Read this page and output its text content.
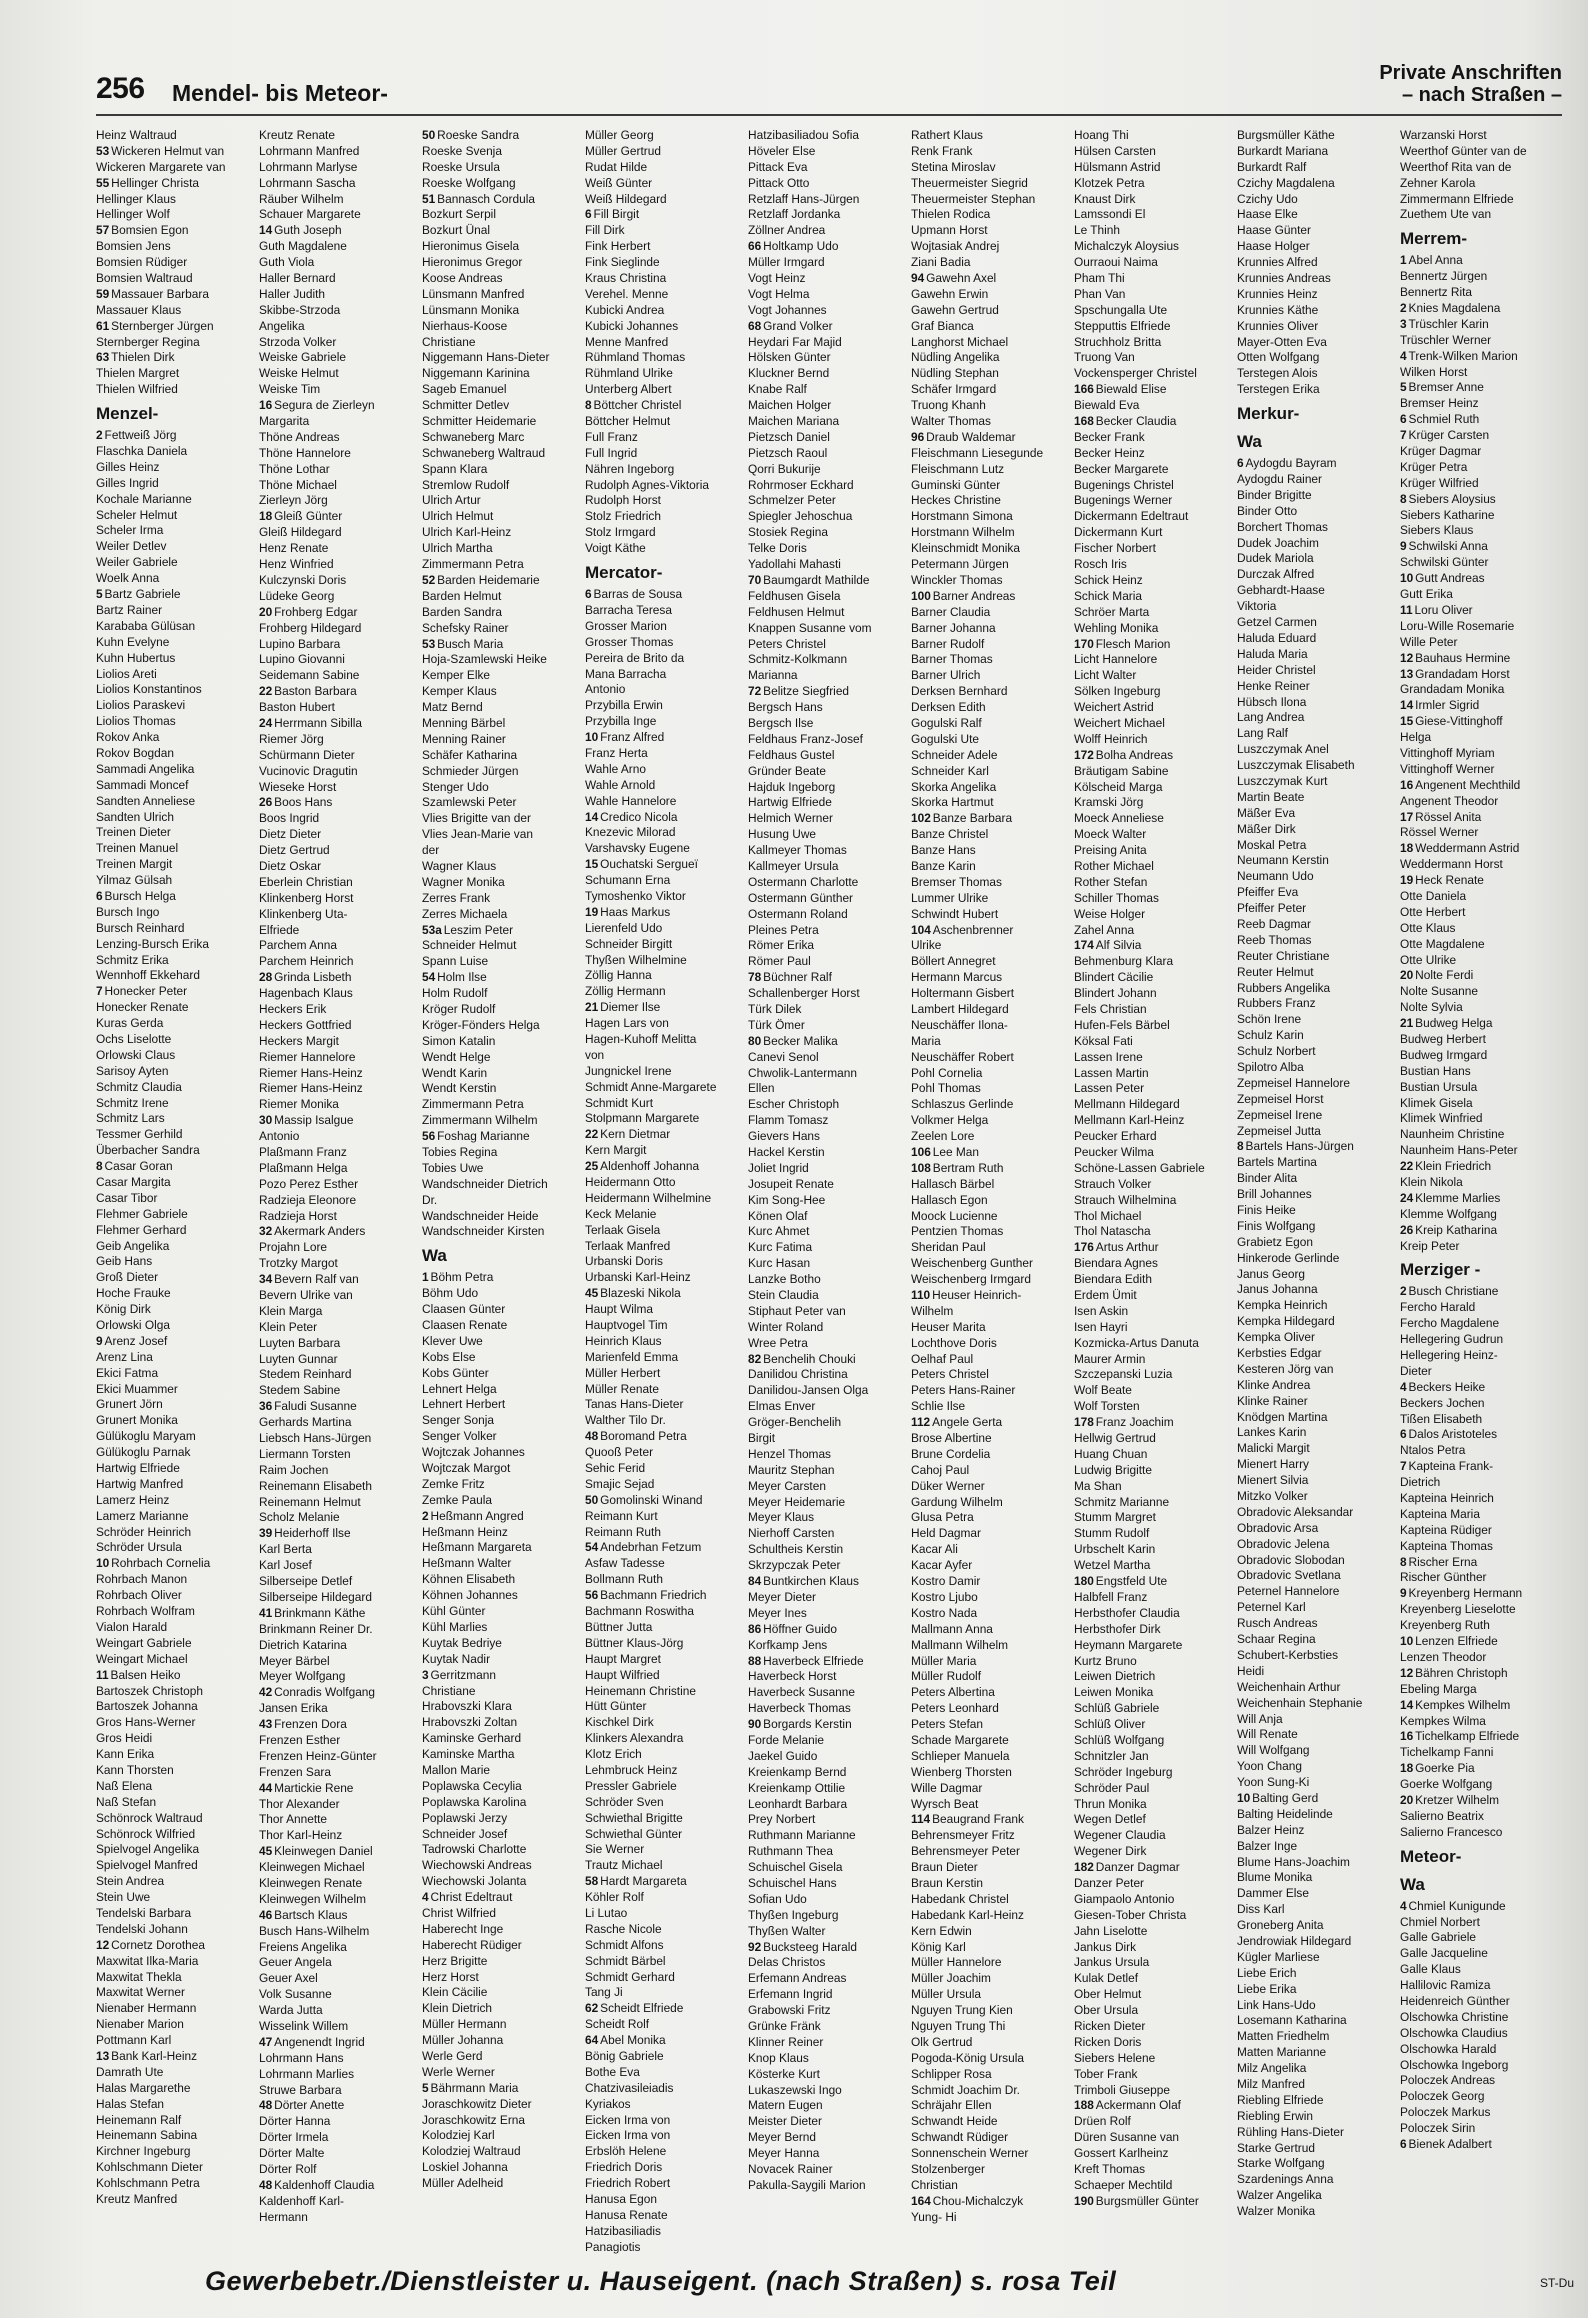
256 Mendel- bis Meteor-
Private Anschriften
– nach Straßen –
Heinz Waltraud
53 Wickeren Helmut van
Wickeren Margarete van
55 Hellinger Christa
Hellinger Klaus
Hellinger Wolf
57 Bomsien Egon
Bomsien Jens
Bomsien Rüdiger
Bomsien Waltraud
59 Massauer Barbara
Massauer Klaus
61 Sternberger Jürgen
Sternberger Regina
63 Thielen Dirk
Thielen Margret
Thielen Wilfried
Menzel-
2 Fettweiß Jörg
Flaschka Daniela
Gilles Heinz
Gilles Ingrid
Kochale Marianne
Scheler Helmut
Scheler Irma
Weiler Detlev
Weiler Gabriele
Woelk Anna
5 Bartz Gabriele
Bartz Rainer
Karababa Gülüsan
Kuhn Evelyne
Kuhn Hubertus
Liolios Areti
Liolios Konstantinos
Liolios Paraskevi
Liolios Thomas
Rokov Anka
Rokov Bogdan
Sammadi Angelika
Sammadi Moncef
Sandten Anneliese
Sandten Ulrich
Treinen Dieter
Treinen Manuel
Treinen Margit
Yilmaz Gülsah
6 Bursch Helga
Bursch Ingo
Bursch Reinhard
Lenzing-Bursch Erika
Schmitz Erika
Wennhoff Ekkehard
7 Honecker Peter
Honecker Renate
Kuras Gerda
Ochs Liselotte
Orlowski Claus
Sarisoy Ayten
Schmitz Claudia
Schmitz Irene
Schmitz Lars
Tessmer Gerhild
Überbacher Sandra
8 Casar Goran
Casar Margita
Casar Tibor
Flehmer Gabriele
Flehmer Gerhard
Geib Angelika
Geib Hans
Groß Dieter
Hoche Frauke
König Dirk
Orlowski Olga
9 Arenz Josef
Arenz Lina
Ekici Fatma
Ekici Muammer
Grunert Jörn
Grunert Monika
Gülükoglu Maryam
Gülükoglu Parnak
Hartwig Elfriede
Hartwig Manfred
Lamerz Heinz
Lamerz Marianne
Schröder Heinrich
Schröder Ursula
10 Rohrbach Cornelia
Rohrbach Manon
Rohrbach Oliver
Rohrbach Wolfram
Vialon Harald
Weingart Gabriele
Weingart Michael
11 Balsen Heiko
Bartoszek Christoph
Bartoszek Johanna
Gros Hans-Werner
Gros Heidi
Kann Erika
Kann Thorsten
Naß Elena
Naß Stefan
Schönrock Waltraud
Schönrock Wilfried
Spielvogel Angelika
Spielvogel Manfred
Stein Andrea
Stein Uwe
Tendelski Barbara
Tendelski Johann
12 Cornetz Dorothea
Maxwitat Ilka-Maria
Maxwitat Thekla
Maxwitat Werner
Nienaber Hermann
Nienaber Marion
Pottmann Karl
13 Bank Karl-Heinz
Damrath Ute
Halas Margarethe
Halas Stefan
Heinemann Ralf
Heinemann Sabina
Kirchner Ingeburg
Kohlschmann Dieter
Kohlschmann Petra
Kreutz Manfred
Kreutz Renate
Lohrmann Manfred
Lohrmann Marlyse
Lohrmann Sascha
Räuber Wilhelm
Schauer Margarete
14 Guth Joseph
Guth Magdalene
Guth Viola
Haller Bernard
Haller Judith
Skibbe-Strzoda
Angelika
Strzoda Volker
Weiske Gabriele
Weiske Helmut
Weiske Tim
16 Segura de Zierleyn
Margarita
Thöne Andreas
Thöne Hannelore
Thöne Lothar
Thöne Michael
Zierleyn Jörg
18 Gleiß Günter
Gleiß Hildegard
Henz Renate
Henz Winfried
Kulczynski Doris
Lüdeke Georg
20 Frohberg Edgar
Frohberg Hildegard
Lupino Barbara
Lupino Giovanni
Seidemann Sabine
22 Baston Barbara
Baston Hubert
24 Herrmann Sibilla
Riemer Jörg
Schürmann Dieter
Vucinovic Dragutin
Wieseke Horst
26 Boos Hans
Boos Ingrid
Dietz Dieter
Dietz Gertrud
Dietz Oskar
Eberlein Christian
Klinkenberg Horst
Klinkenberg Uta-
Elfriede
Parchem Anna
Parchem Heinrich
28 Grinda Lisbeth
Hagenbach Klaus
Heckers Erik
Heckers Gottfried
Heckers Margit
Riemer Hannelore
Riemer Hans-Heinz
Riemer Hans-Heinz
Riemer Monika
30 Massip Isalgue
Antonio
Plaßmann Franz
Plaßmann Helga
Pozo Perez Esther
Radzieja Eleonore
Radzieja Horst
32 Akermark Anders
Projahn Lore
Trotzky Margot
34 Bevern Ralf van
Bevern Ulrike van
Klein Marga
Klein Peter
Luyten Barbara
Luyten Gunnar
Stedem Reinhard
Stedem Sabine
36 Faludi Susanne
Gerhards Martina
Liebsch Hans-Jürgen
Liermann Torsten
Raim Jochen
Reinemann Elisabeth
Reinemann Helmut
Scholz Melanie
39 Heiderhoff Ilse
Karl Berta
Karl Josef
Silberseipe Detlef
Silberseipe Hildegard
41 Brinkmann Käthe
Brinkmann Reiner Dr.
Dietrich Katarina
Meyer Bärbel
Meyer Wolfgang
42 Conradis Wolfgang
Jansen Erika
43 Frenzen Dora
Frenzen Esther
Frenzen Heinz-Günter
Frenzen Sara
44 Martickie Rene
Thor Alexander
Thor Annette
Thor Karl-Heinz
45 Kleinwegen Daniel
Kleinwegen Michael
Kleinwegen Renate
Kleinwegen Wilhelm
46 Bartsch Klaus
Busch Hans-Wilhelm
Freiens Angelika
Geuer Angela
Geuer Axel
Volk Susanne
Warda Jutta
Wisselink Willem
47 Angenendt Ingrid
Lohrmann Hans
Lohrmann Marlies
Struwe Barbara
48 Dörter Anette
Dörter Hanna
Dörter Irmela
Dörter Malte
Dörter Rolf
48 Kaldenhoff Claudia
Kaldenhoff Karl-
Hermann
50 Roeske Sandra
Roeske Svenja
Roeske Ursula
Roeske Wolfgang
51 Bannasch Cordula
Bozkurt Serpil
Bozkurt Ünal
Hieronimus Gisela
Hieronimus Gregor
Koose Andreas
Lünsmann Manfred
Lünsmann Monika
Nierhaus-Koose
Christiane
Niggemann Hans-Dieter
Niggemann Karinina
Sageb Emanuel
Schmitter Detlev
Schmitter Heidemarie
Schwaneberg Marc
Schwaneberg Waltraud
Spann Klara
Stremlow Rudolf
Ulrich Artur
Ulrich Helmut
Ulrich Karl-Heinz
Ulrich Martha
Zimmermann Petra
52 Barden Heidemarie
Barden Helmut
Barden Sandra
Schefsky Rainer
53 Busch Maria
Hoja-Szamlewski Heike
Kemper Elke
Kemper Klaus
Matz Bernd
Menning Bärbel
Menning Rainer
Schäfer Katharina
Schmieder Jürgen
Stenger Udo
Szamlewski Peter
Vlies Brigitte van der
Vlies Jean-Marie van
der
Wagner Klaus
Wagner Monika
Zerres Frank
Zerres Michaela
53a Leszim Peter
Schneider Helmut
Spann Luise
54 Holm Ilse
Holm Rudolf
Kröger Rudolf
Kröger-Fönders Helga
Simon Katalin
Wendt Helge
Wendt Karin
Wendt Kerstin
Zimmermann Petra
Zimmermann Wilhelm
56 Foshag Marianne
Tobies Regina
Tobies Uwe
Wandschneider Dietrich
Dr.
Wandschneider Heide
Wandschneider Kirsten
Wa
1 Böhm Petra
Böhm Udo
Claasen Günter
Claasen Renate
Klever Uwe
Kobs Else
Kobs Günter
Lehnert Helga
Lehnert Herbert
Senger Sonja
Senger Volker
Wojtczak Johannes
Wojtczak Margot
Zemke Fritz
Zemke Paula
2 Heßmann Angred
Heßmann Heinz
Heßmann Margareta
Heßmann Walter
Köhnen Elisabeth
Köhnen Johannes
Kühl Günter
Kühl Marlies
Kuytak Bedriye
Kuytak Nadir
3 Gerritzmann
Christiane
Hrabovszki Klara
Hrabovszki Zoltan
Kaminske Gerhard
Kaminske Martha
Mallon Marie
Poplawska Cecylia
Poplawska Karolina
Poplawski Jerzy
Schneider Josef
Tadrowski Charlotte
Wiechowski Andreas
Wiechowski Jolanta
4 Christ Edeltraut
Christ Wilfried
Haberecht Inge
Haberecht Rüdiger
Herz Brigitte
Herz Horst
Klein Cäcilie
Klein Dietrich
Müller Hermann
Müller Johanna
Werle Gerd
Werle Werner
5 Bährmann Maria
Joraschkowitz Dieter
Joraschkowitz Erna
Kolodziej Karl
Kolodziej Waltraud
Loskiel Johanna
Müller Adelheid
Müller Georg
Müller Gertrud
Rudat Hilde
Weiß Günter
Weiß Hildegard
6 Fill Birgit
Fill Dirk
Fink Herbert
Fink Sieglinde
Kraus Christina
Verehel. Menne
Kubicki Andrea
Kubicki Johannes
Menne Manfred
Rühmland Thomas
Rühmland Ulrike
Unterberg Albert
8 Böttcher Christel
Böttcher Helmut
Full Franz
Full Ingrid
Nähren Ingeborg
Rudolph Agnes-Viktoria
Rudolph Horst
Stolz Friedrich
Stolz Irmgard
Voigt Käthe
Mercator-
6 Barras de Sousa
Barracha Teresa
Grosser Marion
Grosser Thomas
Pereira de Brito da
Mana Barracha
Antonio
Przybilla Erwin
Przybilla Inge
10 Franz Alfred
Franz Herta
Wahle Arno
Wahle Arnold
Wahle Hannelore
14 Credico Nicola
Knezevic Milorad
Varshavsky Eugene
15 Ouchatski Sergueï
Schumann Erna
Tymoshenko Viktor
19 Haas Markus
Lierenfeld Udo
Schneider Birgitt
Thyßen Wilhelmine
Zöllig Hanna
Zöllig Hermann
21 Diemer Ilse
Hagen Lars von
Hagen-Kuhoff Melitta
von
Jungnickel Irene
Schmidt Anne-Margarete
Schmidt Kurt
Stolpmann Margarete
22 Kern Dietmar
Kern Margit
25 Aldenhoff Johanna
Heidermann Otto
Heidermann Wilhelmine
Keck Melanie
Terlaak Gisela
Terlaak Manfred
Urbanski Doris
Urbanski Karl-Heinz
45 Blazeski Nikola
Haupt Wilma
Hauptvogel Tim
Heinrich Klaus
Marienfeld Emma
Müller Herbert
Müller Renate
Tanas Hans-Dieter
Walther Tilo Dr.
48 Boromand Petra
Quooß Peter
Sehic Ferid
Smajic Sejad
50 Gomolinski Winand
Reimann Kurt
Reimann Ruth
54 Andebrhan Fetzum
Asfaw Tadesse
Bollmann Ruth
56 Bachmann Friedrich
Bachmann Roswitha
Büttner Jutta
Büttner Klaus-Jörg
Haupt Margret
Haupt Wilfried
Heinemann Christine
Hütt Günter
Kischkel Dirk
Klinkers Alexandra
Klotz Erich
Lehmbruck Heinz
Pressler Gabriele
Schröder Sven
Schwiethal Brigitte
Schwiethal Günter
Sie Werner
Trautz Michael
58 Hardt Margareta
Köhler Rolf
Li Lutao
Rasche Nicole
Schmidt Alfons
Schmidt Bärbel
Schmidt Gerhard
Tang Ji
62 Scheidt Elfriede
Scheidt Rolf
64 Abel Monika
Bönig Gabriele
Bothe Eva
Chatzivasileiadis
Kyriakos
Eicken Irma von
Eicken Irma von
Erbslöh Helene
Friedrich Doris
Friedrich Robert
Hanusa Egon
Hanusa Renate
Hatzibasiliadis
Panagiotis
Hatzibasiliadou Sofia
Höveler Else
Pittack Eva
Pittack Otto
Retzlaff Hans-Jürgen
Retzlaff Jordanka
Zöllner Andrea
66 Holtkamp Udo
Müller Irmgard
Vogt Heinz
Vogt Helma
Vogt Johannes
68 Grand Volker
Heydari Far Majid
Hölsken Günter
Kluckner Bernd
Knabe Ralf
Maichen Holger
Maichen Mariana
Pietzsch Daniel
Pietzsch Raoul
Qorri Bukurije
Rohrmoser Eckhard
Schmelzer Peter
Spiegler Jehoschua
Stosiek Regina
Telke Doris
Yadollahi Mahasti
70 Baumgardt Mathilde
Feldhusen Gisela
Feldhusen Helmut
Knappen Susanne vom
Peters Christel
Schmitz-Kolkmann
Marianna
72 Belitze Siegfried
Bergsch Hans
Bergsch Ilse
Feldhaus Franz-Josef
Feldhaus Gustel
Gründer Beate
Hajduk Ingeborg
Hartwig Elfriede
Helmich Werner
Husung Uwe
Kallmeyer Thomas
Kallmeyer Ursula
Ostermann Charlotte
Ostermann Günther
Ostermann Roland
Pleines Petra
Römer Erika
Römer Paul
78 Büchner Ralf
Schallenberger Horst
Türk Dilek
Türk Ömer
80 Becker Malika
Canevi Senol
Chwolik-Lantermann
Ellen
Escher Christoph
Flamm Tomasz
Gievers Hans
Hackel Kerstin
Joliet Ingrid
Josupeit Renate
Kim Song-Hee
Könen Olaf
Kurc Ahmet
Kurc Fatima
Kurc Hasan
Lanzke Botho
Stein Claudia
Stiphaut Peter van
Winter Roland
Wree Petra
82 Benchelih Chouki
Danilidou Christina
Danilidou-Jansen Olga
Elmas Enver
Gröger-Benchelih
Birgit
Henzel Thomas
Mauritz Stephan
Meyer Carsten
Meyer Heidemarie
Meyer Klaus
Nierhoff Carsten
Schultheis Kerstin
Skrzypczak Peter
84 Buntkirchen Klaus
Meyer Dieter
Meyer Ines
86 Höffner Guido
Korfkamp Jens
88 Haverbeck Elfriede
Haverbeck Horst
Haverbeck Susanne
Haverbeck Thomas
90 Borgards Kerstin
Forde Melanie
Jaekel Guido
Kreienkamp Bernd
Kreienkamp Ottilie
Leonhardt Barbara
Prey Norbert
Ruthmann Marianne
Ruthmann Thea
Schuischel Gisela
Schuischel Hans
Sofian Udo
Thyßen Ingeburg
Thyßen Walter
92 Bucksteeg Harald
Delas Christos
Erfemann Andreas
Erfemann Ingrid
Grabowski Fritz
Grünke Fränk
Klinner Reiner
Knop Klaus
Kösterke Kurt
Lukaszewski Ingo
Matern Eugen
Meister Dieter
Meyer Bernd
Meyer Hanna
Novacek Rainer
Pakulla-Saygili Marion
Rathert Klaus
Renk Frank
Stetina Miroslav
Theuermeister Siegrid
Theuermeister Stephan
Thielen Rodica
Upmann Horst
Wojtasiak Andrej
Ziani Badia
94 Gawehn Axel
Gawehn Erwin
Gawehn Gertrud
Graf Bianca
Langhorst Michael
Nüdling Angelika
Nüdling Stephan
Schäfer Irmgard
Truong Khanh
Walter Thomas
96 Draub Waldemar
Fleischmann Liesegunde
Fleischmann Lutz
Guminski Günter
Heckes Christine
Horstmann Simona
Horstmann Wilhelm
Kleinschmidt Monika
Petermann Jürgen
Winckler Thomas
100 Barner Andreas
Barner Claudia
Barner Johanna
Barner Rudolf
Barner Thomas
Barner Ulrich
Derksen Bernhard
Derksen Edith
Gogulski Ralf
Gogulski Ute
Schneider Adele
Schneider Karl
Skorka Angelika
Skorka Hartmut
102 Banze Barbara
Banze Christel
Banze Hans
Banze Karin
Bremser Thomas
Lummer Ulrike
Schwindt Hubert
104 Aschenbrenner
Ulrike
Böllert Annegret
Hermann Marcus
Holtermann Gisbert
Lambert Hildegard
Neuschäffer Ilona-
Maria
Neuschäffer Robert
Pohl Cornelia
Pohl Thomas
Schlaszus Gerlinde
Volkmer Helga
Zeelen Lore
106 Lee Man
108 Bertram Ruth
Hallasch Bärbel
Hallasch Egon
Moock Lucienne
Pentzien Thomas
Sheridan Paul
Weischenberg Gunther
Weischenberg Irmgard
110 Heuser Heinrich-
Wilhelm
Heuser Marita
Lochthove Doris
Oelhaf Paul
Peters Christel
Peters Hans-Rainer
Schlie Ilse
112 Angele Gerta
Brose Albertine
Brune Cordelia
Cahoj Paul
Düker Werner
Gardung Wilhelm
Glusa Petra
Held Dagmar
Kacar Ali
Kacar Ayfer
Kostro Damir
Kostro Ljubo
Kostro Nada
Mallmann Anna
Mallmann Wilhelm
Müller Maria
Müller Rudolf
Peters Albertina
Peters Leonhard
Peters Stefan
Schade Margarete
Schlieper Manuela
Wienberg Thorsten
Wille Dagmar
Wyrsch Beat
114 Beaugrand Frank
Behrensmeyer Fritz
Behrensmeyer Peter
Braun Dieter
Braun Kerstin
Habedank Christel
Habedank Karl-Heinz
Kern Edwin
König Karl
Müller Hannelore
Müller Joachim
Müller Ursula
Nguyen Trung Kien
Nguyen Trung Thi
Olk Gertrud
Pogoda-König Ursula
Schlipper Rosa
Schmidt Joachim Dr.
Schräjahr Ellen
Schwandt Heide
Schwandt Rüdiger
Sonnenschein Werner
Stolzenberger
Christian
164 Chou-Michalczyk
Yung- Hi
Hoang Thi
Hülsen Carsten
Hülsmann Astrid
Klotzek Petra
Knaust Dirk
Lamssondi El
Le Thinh
Michalczyk Aloysius
Ourraoui Naima
Pham Thi
Phan Van
Spschungalla Ute
Stepputtis Elfriede
Struchholz Britta
Truong Van
Vockensperger Christel
166 Biewald Elise
Biewald Eva
168 Becker Claudia
Becker Frank
Becker Heinz
Becker Margarete
Bugenings Christel
Bugenings Werner
Dickermann Edeltraut
Dickermann Kurt
Fischer Norbert
Rosch Iris
Schick Heinz
Schick Maria
Schröer Marta
Wehling Monika
170 Flesch Marion
Licht Hannelore
Licht Walter
Sölken Ingeburg
Weichert Astrid
Weichert Michael
Wolff Heinrich
172 Bolha Andreas
Bräutigam Sabine
Kölscheid Marga
Kramski Jörg
Moeck Anneliese
Moeck Walter
Preising Anita
Rother Michael
Rother Stefan
Schiller Thomas
Weise Holger
Zahel Anna
174 Alf Silvia
Behmenburg Klara
Blindert Cäcilie
Blindert Johann
Fels Christian
Hufen-Fels Bärbel
Köksal Fati
Lassen Irene
Lassen Martin
Lassen Peter
Mellmann Hildegard
Mellmann Karl-Heinz
Peucker Erhard
Peucker Wilma
Schöne-Lassen Gabriele
Strauch Volker
Strauch Wilhelmina
Thol Michael
Thol Natascha
176 Artus Arthur
Biendara Agnes
Biendara Edith
Erdem Ümit
Isen Askin
Isen Hayri
Kozmicka-Artus Danuta
Maurer Armin
Szczepanski Luzia
Wolf Beate
Wolf Torsten
178 Franz Joachim
Hellwig Gertrud
Huang Chuan
Ludwig Brigitte
Ma Shan
Schmitz Marianne
Stumm Margret
Stumm Rudolf
Urbschelt Karin
Wetzel Martha
180 Engstfeld Ute
Halbfell Franz
Herbsthofer Claudia
Herbsthofer Dirk
Heymann Margarete
Kurtz Bruno
Leiwen Dietrich
Leiwen Monika
Schlüß Gabriele
Schlüß Oliver
Schlüß Wolfgang
Schnitzler Jan
Schröder Ingeburg
Schröder Paul
Thrun Monika
Wegen Detlef
Wegener Claudia
Wegener Dirk
182 Danzer Dagmar
Danzer Peter
Giampaolo Antonio
Giesen-Tober Christa
Jahn Liselotte
Jankus Dirk
Jankus Ursula
Kulak Detlef
Ober Helmut
Ober Ursula
Ricken Dieter
Ricken Doris
Siebers Helene
Tober Frank
Trimboli Giuseppe
188 Ackermann Olaf
Drüen Rolf
Düren Susanne van
Gossert Karlheinz
Kreft Thomas
Schaeper Mechtild
190 Burgsmüller Günter
Burgsmüller Käthe
Burkardt Mariana
Burkardt Ralf
Czichy Magdalena
Czichy Udo
Haase Elke
Haase Günter
Haase Holger
Krunnies Alfred
Krunnies Andreas
Krunnies Heinz
Krunnies Käthe
Krunnies Oliver
Mayer-Otten Eva
Otten Wolfgang
Terstegen Alois
Terstegen Erika
Merkur-
Wa
6 Aydogdu Bayram
Aydogdu Rainer
Binder Brigitte
Binder Otto
Borchert Thomas
Dudek Joachim
Dudek Mariola
Durczak Alfred
Gebhardt-Haase
Viktoria
Getzel Carmen
Haluda Eduard
Haluda Maria
Heider Christel
Henke Reiner
Hübsch Ilona
Lang Andrea
Lang Ralf
Luszczymak Anel
Luszczymak Elisabeth
Luszczymak Kurt
Martin Beate
Mäßer Eva
Mäßer Dirk
Moskal Petra
Neumann Kerstin
Neumann Udo
Pfeiffer Eva
Pfeiffer Peter
Reeb Dagmar
Reeb Thomas
Reuter Christiane
Reuter Helmut
Rubbers Angelika
Rubbers Franz
Schön Irene
Schulz Karin
Schulz Norbert
Spilotro Alba
Zepmeisel Hannelore
Zepmeisel Horst
Zepmeisel Irene
Zepmeisel Jutta
8 Bartels Hans-Jürgen
Bartels Martina
Binder Alita
Brill Johannes
Finis Heike
Finis Wolfgang
Grabietz Egon
Hinkerode Gerlinde
Janus Georg
Janus Johanna
Kempka Heinrich
Kempka Hildegard
Kempka Oliver
Kerbsties Edgar
Kesteren Jörg van
Klinke Andrea
Klinke Rainer
Knödgen Martina
Lankes Karin
Malicki Margit
Mienert Harry
Mienert Silvia
Mitzko Volker
Obradovic Aleksandar
Obradovic Arsa
Obradovic Jelena
Obradovic Slobodan
Obradovic Svetlana
Peternel Hannelore
Peternel Karl
Rusch Andreas
Schaar Regina
Schubert-Kerbsties
Heidi
Weichenhain Arthur
Weichenhain Stephanie
Will Anja
Will Renate
Will Wolfgang
Yoon Chang
Yoon Sung-Ki
10 Balting Gerd
Balting Heidelinde
Balzer Heinz
Balzer Inge
Blume Hans-Joachim
Blume Monika
Dammer Else
Diss Karl
Groneberg Anita
Jendrowiak Hildegard
Kügler Marliese
Liebe Erich
Liebe Erika
Link Hans-Udo
Losemann Katharina
Matten Friedhelm
Matten Marianne
Milz Angelika
Milz Manfred
Riebling Elfriede
Riebling Erwin
Rühling Hans-Dieter
Starke Gertrud
Starke Wolfgang
Szardenings Anna
Walzer Angelika
Walzer Monika
Warzanski Horst
Weerthof Günter van de
Weerthof Rita van de
Zehner Karola
Zimmermann Elfriede
Zuethem Ute van
Merrem-
1 Abel Anna
Bennertz Jürgen
Bennertz Rita
2 Knies Magdalena
3 Trüschler Karin
Trüschler Werner
4 Trenk-Wilken Marion
Wilken Horst
5 Bremser Anne
Bremser Heinz
6 Schmiel Ruth
7 Krüger Carsten
Krüger Dagmar
Krüger Petra
Krüger Wilfried
8 Siebers Aloysius
Siebers Katharine
Siebers Klaus
9 Schwilski Anna
Schwilski Günter
10 Gutt Andreas
Gutt Erika
11 Loru Oliver
Loru-Wille Rosemarie
Wille Peter
12 Bauhaus Hermine
13 Grandadam Horst
Grandadam Monika
14 Irmler Sigrid
15 Giese-Vittinghoff
Helga
Vittinghoff Myriam
Vittinghoff Werner
16 Angenent Mechthild
Angenent Theodor
17 Rössel Anita
Rössel Werner
18 Weddermann Astrid
Weddermann Horst
19 Heck Renate
Otte Daniela
Otte Herbert
Otte Klaus
Otte Magdalene
Otte Ulrike
20 Nolte Ferdi
Nolte Susanne
Nolte Sylvia
21 Budweg Helga
Budweg Herbert
Budweg Irmgard
Bustian Hans
Bustian Ursula
Klimek Gisela
Klimek Winfried
Naunheim Christine
Naunheim Hans-Peter
22 Klein Friedrich
Klein Nikola
24 Klemme Marlies
Klemme Wolfgang
26 Kreip Katharina
Kreip Peter
Merziger -
2 Busch Christiane
Fercho Harald
Fercho Magdalene
Hellegering Gudrun
Hellegering Heinz-
Dieter
4 Beckers Heike
Beckers Jochen
Tißen Elisabeth
6 Dalos Aristoteles
Ntalos Petra
7 Kapteina Frank-
Dietrich
Kapteina Heinrich
Kapteina Maria
Kapteina Rüdiger
Kapteina Thomas
8 Rischer Erna
Rischer Günther
9 Kreyenberg Hermann
Kreyenberg Lieselotte
Kreyenberg Ruth
10 Lenzen Elfriede
Lenzen Theodor
12 Bähren Christoph
Ebeling Marga
14 Kempkes Wilhelm
Kempkes Wilma
16 Tichelkamp Elfriede
Tichelkamp Fanni
18 Goerke Pia
Goerke Wolfgang
20 Kretzer Wilhelm
Salierno Beatrix
Salierno Francesco
Meteor-
Wa
4 Chmiel Kunigunde
Chmiel Norbert
Galle Gabriele
Galle Jacqueline
Galle Klaus
Hallilovic Ramiza
Heidenreich Günther
Olschowka Christine
Olschowka Claudius
Olschowka Harald
Olschowka Ingeborg
Poloczek Andreas
Poloczek Georg
Poloczek Markus
Poloczek Sirin
6 Bienek Adalbert
Gewerbebetr./Dienstleister u. Hauseigent. (nach Straßen) s. rosa Teil	ST-Du
